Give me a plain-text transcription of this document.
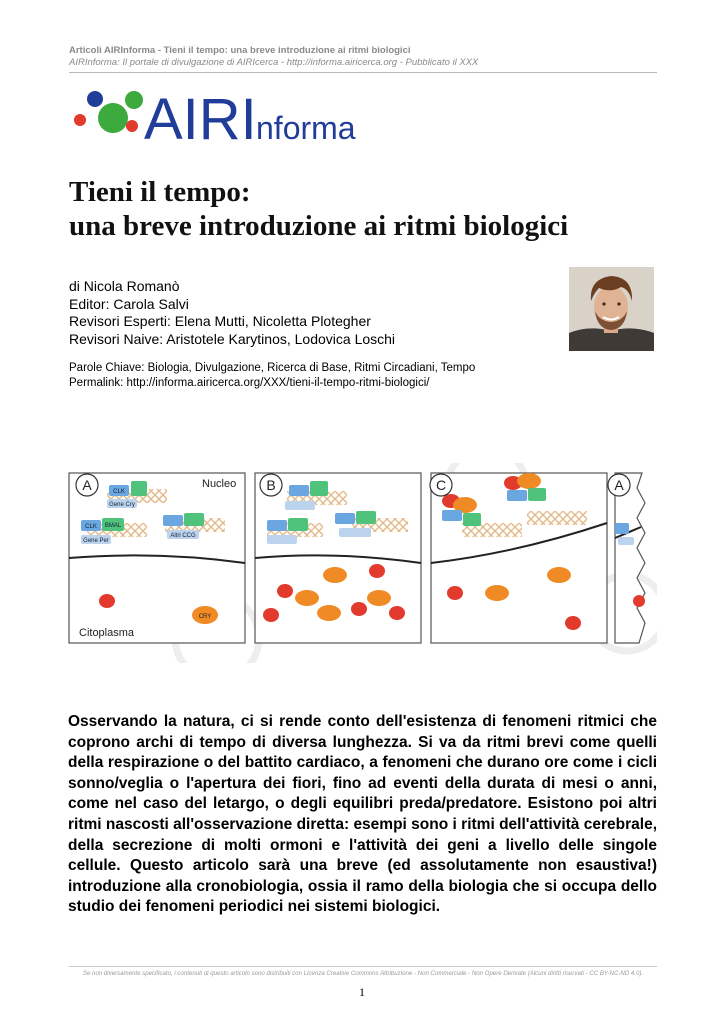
Articoli AIRInforma - Tieni il tempo: una breve introduzione ai ritmi biologici
AIRInforma: Il portale di divulgazione di AIRIcerca - http://informa.airicerca.org - Pubblicato il XXX
AIRI nforma
Tieni il tempo:
una breve introduzione ai ritmi biologici
di Nicola Romanò
Editor: Carola Salvi
Revisori Esperti: Elena Mutti, Nicoletta Plotegher
Revisori Naive: Aristotele Karytinos, Lodovica Loschi
Parole Chiave: Biologia, Divulgazione, Ricerca di Base, Ritmi Circadiani, Tempo
Permalink: http://informa.airicerca.org/XXX/tieni-il-tempo-ritmi-biologici/
CLK
Gene Cry
CLK BMAL
Gene Per
Altri CCG
CRY
A	Nucleo
Citoplasma
B	C	A
Osservando la natura, ci si rende conto dell'esistenza di fenomeni ritmici che coprono archi di tempo di diversa lunghezza. Si va da ritmi brevi come quelli della respirazione o del battito cardiaco, a fenomeni che durano ore come i cicli sonno/veglia o l'apertura dei fiori, fino ad eventi della durata di mesi o anni, come nel caso del letargo, o degli equilibri preda/predatore. Esistono poi altri ritmi nascosti all'osservazione diretta: esempi sono i ritmi dell'attività cerebrale, della secrezione di molti ormoni e l'attività dei geni a livello delle singole cellule. Questo articolo sarà una breve (ed assolutamente non esaustiva!) introduzione alla cronobiologia, ossia il ramo della biologia che si occupa dello studio dei fenomeni periodici nei sistemi biologici.
Se non diversamente specificato, i contenuti di questo articolo sono distribuiti con Licenza Creative Commons Attribuzione - Non Commerciale - Non Opere Derivate (Alcuni diritti riservati - CC BY-NC-ND 4.0).
1
